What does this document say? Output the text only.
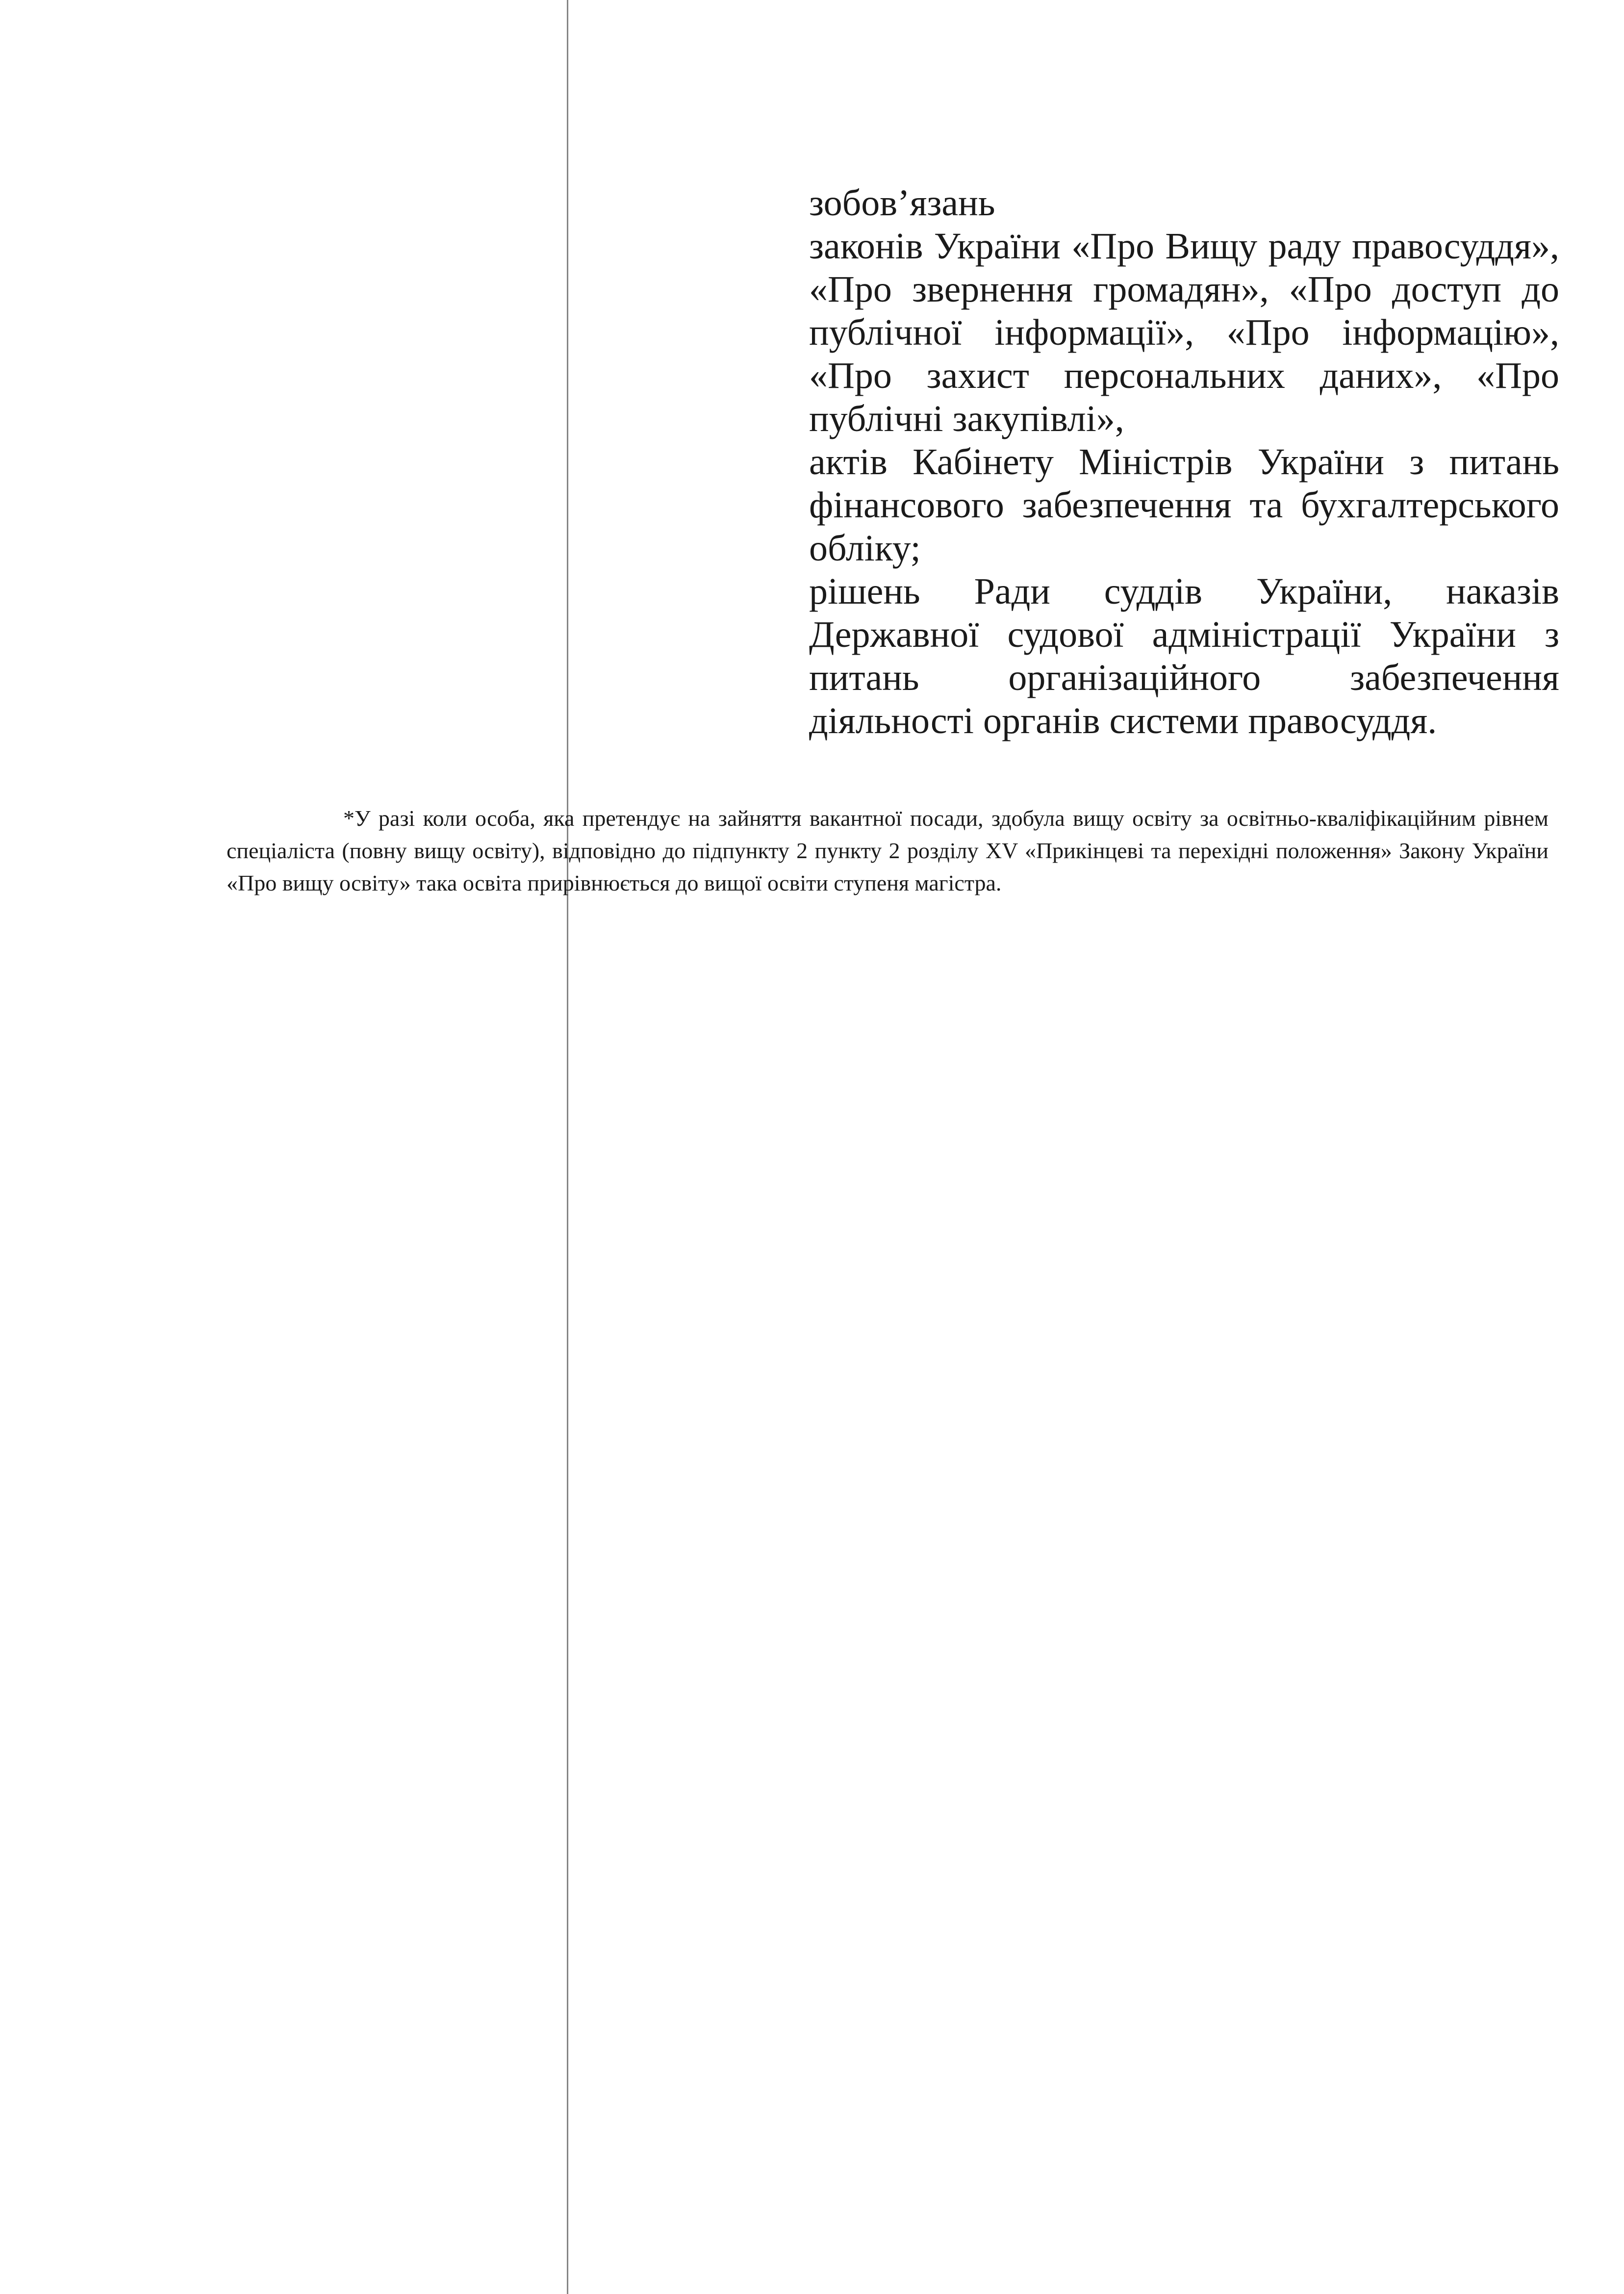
зобов’язань

законів України «Про Вищу раду правосуддя», «Про звернення громадян», «Про доступ до публічної інформації», «Про інформацію», «Про захист персональних даних», «Про публічні закупівлі»,

актів Кабінету Міністрів України з питань фінансового забезпечення та бухгалтерського обліку;

рішень Ради суддів України, наказів Державної судової адміністрації України з питань організаційного забезпечення діяльності органів системи правосуддя.

*У разі коли особа, яка претендує на зайняття вакантної посади, здобула вищу освіту за освітньо-кваліфікаційним рівнем спеціаліста (повну вищу освіту), відповідно до підпункту 2 пункту 2 розділу XV «Прикінцеві та перехідні положення» Закону України «Про вищу освіту» така освіта прирівнюється до вищої освіти ступеня магістра.
